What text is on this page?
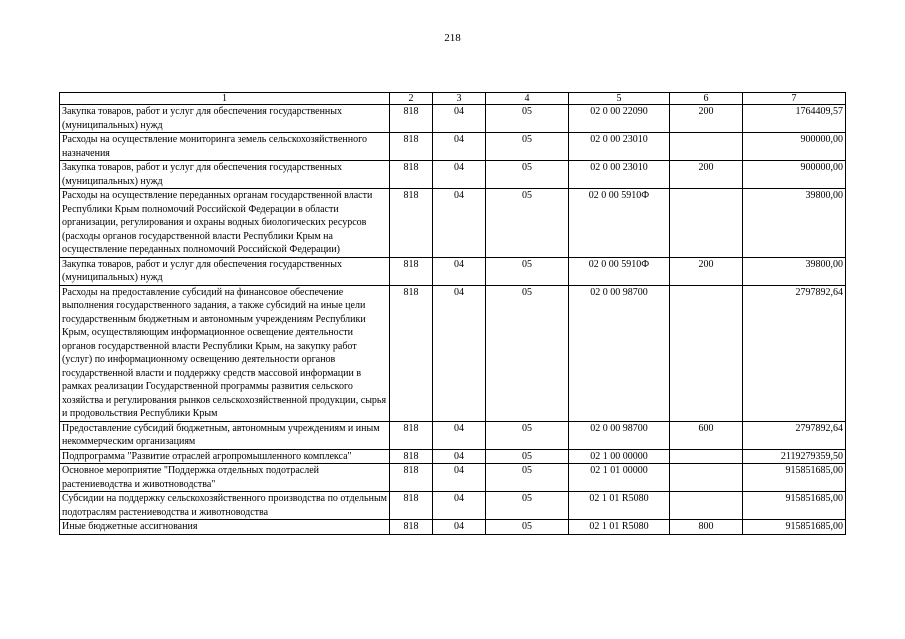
218
1	2	3	4	5	6	7
Закупка товаров, работ и услуг для обеспечения государственных (муниципальных) нужд	818	04	05	02 0 00 22090	200	1764409,57
Расходы на осуществление мониторинга земель сельскохозяйственного назначения	818	04	05	02 0 00 23010		900000,00
Закупка товаров, работ и услуг для обеспечения государственных (муниципальных) нужд	818	04	05	02 0 00 23010	200	900000,00
Расходы на осуществление переданных органам государственной власти Республики Крым полномочий Российской Федерации в области организации, регулирования и охраны водных биологических ресурсов (расходы органов государственной власти Республики Крым на осуществление переданных полномочий Российской Федерации)	818	04	05	02 0 00 5910Ф		39800,00
Закупка товаров, работ и услуг для обеспечения государственных (муниципальных) нужд	818	04	05	02 0 00 5910Ф	200	39800,00
Расходы на предоставление субсидий на финансовое обеспечение выполнения государственного задания, а также субсидий на иные цели государственным бюджетным и автономным учреждениям Республики Крым, осуществляющим информационное освещение деятельности органов государственной власти Республики Крым, на закупку работ (услуг) по информационному освещению деятельности органов государственной власти и поддержку средств массовой информации в рамках реализации Государственной программы развития сельского хозяйства и регулирования рынков сельскохозяйственной продукции, сырья и продовольствия Республики Крым	818	04	05	02 0 00 98700		2797892,64
Предоставление субсидий бюджетным, автономным учреждениям и иным некоммерческим организациям	818	04	05	02 0 00 98700	600	2797892,64
Подпрограмма "Развитие отраслей агропромышленного комплекса"	818	04	05	02 1 00 00000		2119279359,50
Основное мероприятие "Поддержка отдельных подотраслей растениеводства и животноводства"	818	04	05	02 1 01 00000		915851685,00
Субсидии на поддержку сельскохозяйственного производства по отдельным подотраслям растениеводства и животноводства	818	04	05	02 1 01 R5080		915851685,00
Иные бюджетные ассигнования	818	04	05	02 1 01 R5080	800	915851685,00
